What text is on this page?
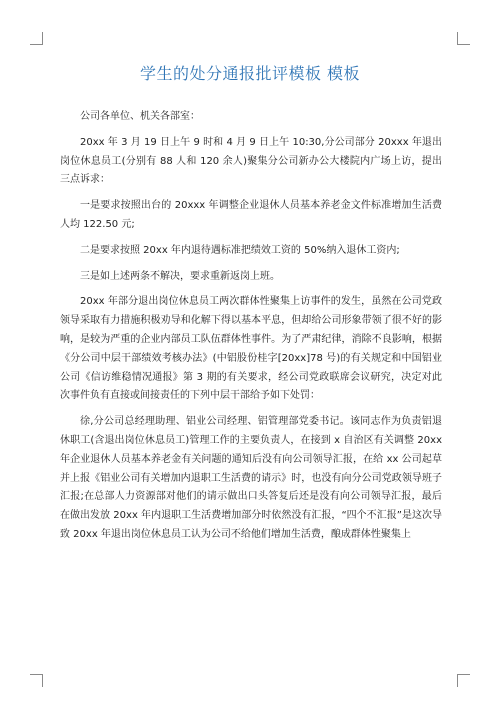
学生的处分通报批评模板 模板

公司各单位、机关各部室：

20xx 年 3 月 19 日上午 9 时和 4 月 9 日上午 10:30,分公司部分 20xxx 年退出岗位休息员工(分别有 88 人和 120 余人)聚集分公司新办公大楼院内广场上访，提出三点诉求：

一是要求按照出台的 20xxx 年调整企业退休人员基本养老金文件标准增加生活费人均 122.50 元;

二是要求按照 20xx 年内退待遇标准把绩效工资的 50%纳入退休工资内;

三是如上述两条不解决，要求重新返岗上班。

20xx 年部分退出岗位休息员工两次群体性聚集上访事件的发生，虽然在公司党政领导采取有力措施积极劝导和化解下得以基本平息，但却给公司形象带领了很不好的影响，是较为严重的企业内部员工队伍群体性事件。为了严肃纪律，消除不良影响，根据《分公司中层干部绩效考核办法》(中铝股份桂字[20xx]78 号)的有关规定和中国铝业公司《信访维稳情况通报》第 3 期的有关要求，经公司党政联席会议研究，决定对此次事件负有直接或间接责任的下列中层干部给予如下处罚：

徐,分公司总经理助理、铝业公司经理、铝管理部党委书记。该同志作为负责铝退休职工(含退出岗位休息员工)管理工作的主要负责人，在接到 x 自治区有关调整 20xx 年企业退休人员基本养老金有关问题的通知后没有向公司领导汇报，在给 xx 公司起草并上报《铝业公司有关增加内退职工生活费的请示》时，也没有向分公司党政领导班子汇报;在总部人力资源部对他们的请示做出口头答复后还是没有向公司领导汇报，最后在做出发放 20xx 年内退职工生活费增加部分时依然没有汇报，“四个不汇报”是这次导致 20xx 年退出岗位休息员工认为公司不给他们增加生活费，酿成群体性聚集上
